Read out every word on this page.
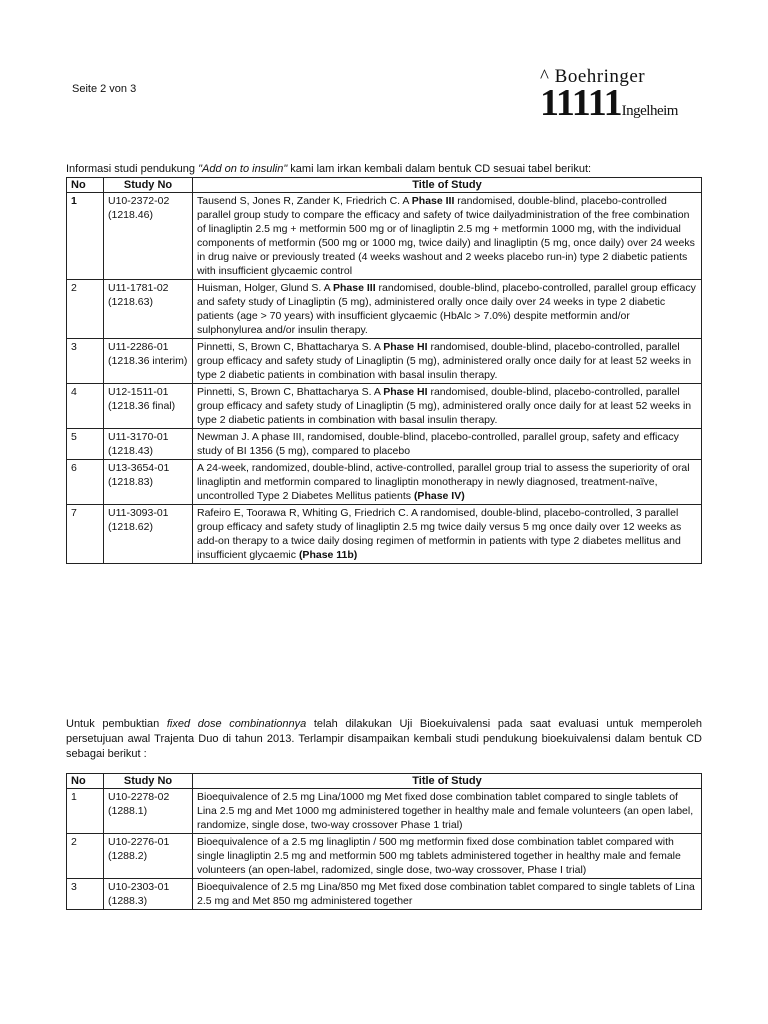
Seite 2 von 3
^ Boehringer
11111Ingelheim
Informasi studi pendukung "Add on to insulin" kami lam irkan kembali dalam bentuk CD sesuai tabel berikut:
No	Study No	Title of Study
1	U10-2372-02 (1218.46)	Tausend S, Jones R, Zander K, Friedrich C. A Phase III randomised, double-blind, placebo-controlled parallel group study to compare the efficacy and safety of twice dailyadministration of the free combination of linagliptin 2.5 mg + metformin 500 mg or of linagliptin 2.5 mg + metformin 1000 mg, with the individual components of metformin (500 mg or 1000 mg, twice daily) and linagliptin (5 mg, once daily) over 24 weeks in drug naive or previously treated (4 weeks washout and 2 weeks placebo run-in) type 2 diabetic patients with insufficient glycaemic control
2	U11-1781-02 (1218.63)	Huisman, Holger, Glund S. A Phase III randomised, double-blind, placebo-controlled, parallel group efficacy and safety study of Linagliptin (5 mg), administered orally once daily over 24 weeks in type 2 diabetic patients (age > 70 years) with insufficient glycaemic (HbAlc > 7.0%) despite metformin and/or sulphonylurea and/or insulin therapy.
3	U11-2286-01 (1218.36 interim)	Pinnetti, S, Brown C, Bhattacharya S. A Phase HI randomised, double-blind, placebo-controlled, parallel group efficacy and safety study of Linagliptin (5 mg), administered orally once daily for at least 52 weeks in type 2 diabetic patients in combination with basal insulin therapy.
4	U12-1511-01 (1218.36 final)	Pinnetti, S, Brown C, Bhattacharya S. A Phase HI randomised, double-blind, placebo-controlled, parallel group efficacy and safety study of Linagliptin (5 mg), administered orally once daily for at least 52 weeks in type 2 diabetic patients in combination with basal insulin therapy.
5	U11-3170-01 (1218.43)	Newman J. A phase III, randomised, double-blind, placebo-controlled, parallel group, safety and efficacy study of BI 1356 (5 mg), compared to placebo
6	U13-3654-01 (1218.83)	A 24-week, randomized, double-blind, active-controlled, parallel group trial to assess the superiority of oral linagliptin and metformin compared to linagliptin monotherapy in newly diagnosed, treatment-naïve, uncontrolled Type 2 Diabetes Mellitus patients (Phase IV)
7	U11-3093-01 (1218.62)	Rafeiro E, Toorawa R, Whiting G, Friedrich C. A randomised, double-blind, placebo-controlled, 3 parallel group efficacy and safety study of linagliptin 2.5 mg twice daily versus 5 mg once daily over 12 weeks as add-on therapy to a twice daily dosing regimen of metformin in patients with type 2 diabetes mellitus and insufficient glycaemic (Phase 11b)
Untuk pembuktian fixed dose combinationnya telah dilakukan Uji Bioekuivalensi pada saat evaluasi untuk memperoleh persetujuan awal Trajenta Duo di tahun 2013. Terlampir disampaikan kembali studi pendukung bioekuivalensi dalam bentuk CD sebagai berikut :
No	Study No	Title of Study
1	U10-2278-02 (1288.1)	Bioequivalence of 2.5 mg Lina/1000 mg Met fixed dose combination tablet compared to single tablets of Lina 2.5 mg and Met 1000 mg administered together in healthy male and female volunteers (an open label, randomize, single dose, two-way crossover Phase 1 trial)
2	U10-2276-01 (1288.2)	Bioequivalence of a 2.5 mg linagliptin / 500 mg metformin fixed dose combination tablet compared with single linagliptin 2.5 mg and metformin 500 mg tablets administered together in healthy male and female volunteers (an open-label, radomized, single dose, two-way crossover, Phase I trial)
3	U10-2303-01 (1288.3)	Bioequivalence of 2.5 mg Lina/850 mg Met fixed dose combination tablet compared to single tablets of Lina 2.5 mg and Met 850 mg administered together
